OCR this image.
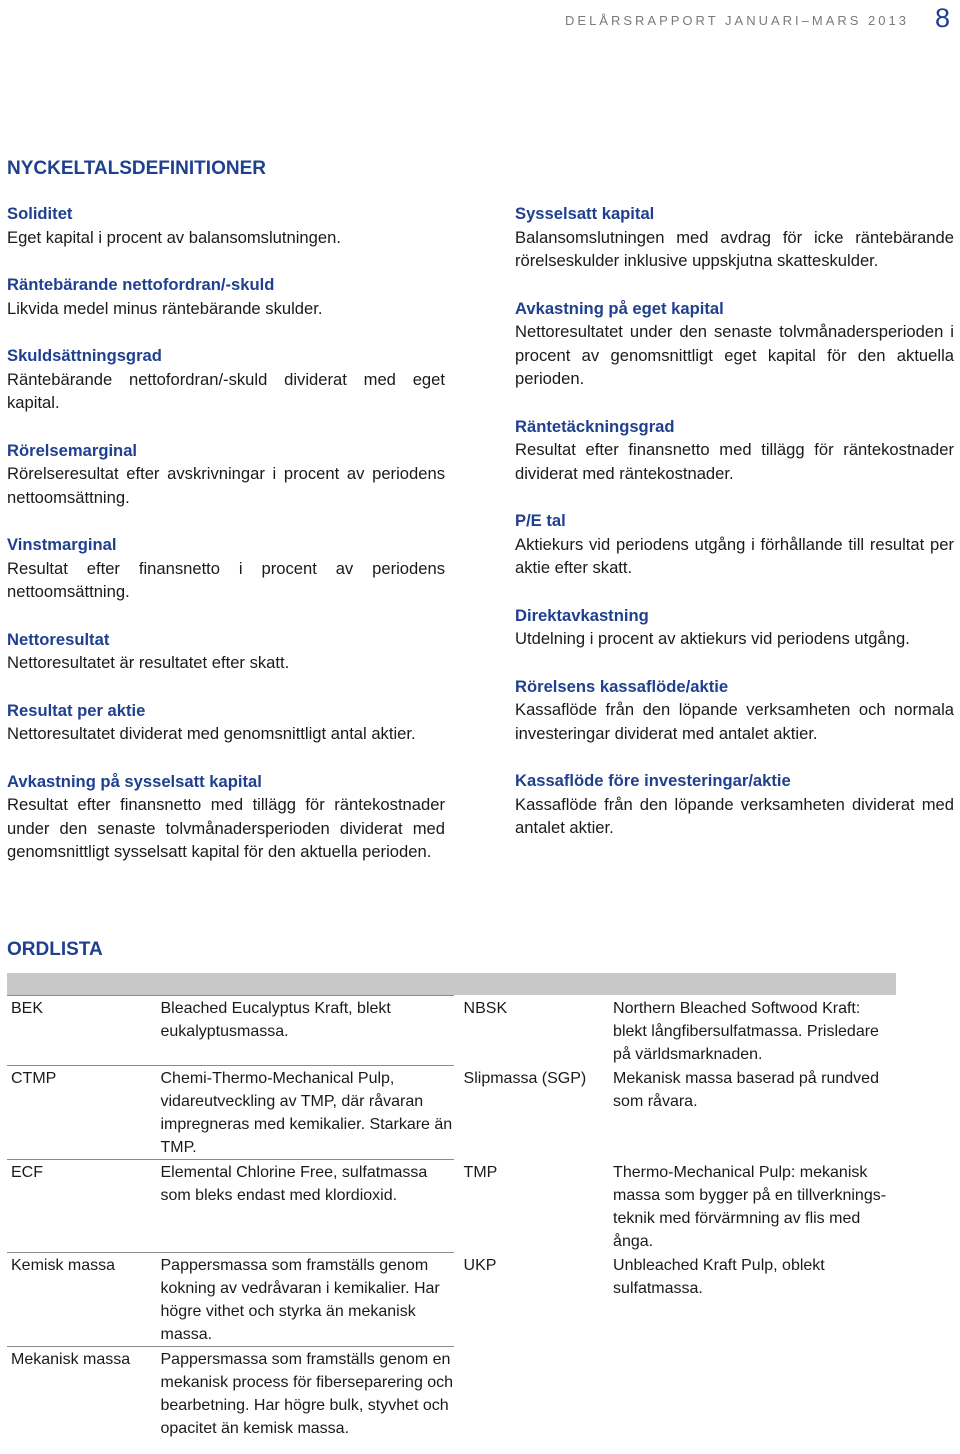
DELÅRSRAPPORT JANUARI–MARS 2013 8
NYCKELTALSDEFINITIONER
Soliditet
Eget kapital i procent av balansomslutningen.
Räntebärande nettofordran/-skuld
Likvida medel minus räntebärande skulder.
Skuldsättningsgrad
Räntebärande nettofordran/-skuld dividerat med eget kapital.
Rörelsemarginal
Rörelseresultat efter avskrivningar i procent av periodens nettoomsättning.
Vinstmarginal
Resultat efter finansnetto i procent av periodens nettoomsättning.
Nettoresultat
Nettoresultatet är resultatet efter skatt.
Resultat per aktie
Nettoresultatet dividerat med genomsnittligt antal aktier.
Avkastning på sysselsatt kapital
Resultat efter finansnetto med tillägg för räntekostnader under den senaste tolvmånadersperioden dividerat med genomsnittligt sysselsatt kapital för den aktuella perioden.
Sysselsatt kapital
Balansomslutningen med avdrag för icke räntebärande rörelseskulder inklusive uppskjutna skatteskulder.
Avkastning på eget kapital
Nettoresultatet under den senaste tolvmånadersperioden i procent av genomsnittligt eget kapital för den aktuella perioden.
Räntetäckningsgrad
Resultat efter finansnetto med tillägg för räntekostnader dividerat med räntekostnader.
P/E tal
Aktiekurs vid periodens utgång i förhållande till resultat per aktie efter skatt.
Direktavkastning
Utdelning i procent av aktiekurs vid periodens utgång.
Rörelsens kassaflöde/aktie
Kassaflöde från den löpande verksamheten och normala investeringar dividerat med antalet aktier.
Kassaflöde före investeringar/aktie
Kassaflöde från den löpande verksamheten dividerat med antalet aktier.
ORDLISTA
BEK	Bleached Eucalyptus Kraft, blekt eukalyptusmassa.		NBSK	Northern Bleached Softwood Kraft: blekt långfibersulfatmassa. Prisledare på världsmarknaden.
CTMP	Chemi-Thermo-Mechanical Pulp, vidareutveckling av TMP, där råvaran impregneras med kemikalier. Starkare än TMP.		Slipmassa (SGP)	Mekanisk massa baserad på rundved som råvara.
ECF	Elemental Chlorine Free, sulfatmassa som bleks endast med klordioxid.		TMP	Thermo-Mechanical Pulp: mekanisk massa som bygger på en tillverknings-teknik med förvärmning av flis med ånga.
Kemisk massa	Pappersmassa som framställs genom kokning av vedråvaran i kemikalier. Har högre vithet och styrka än mekanisk massa.		UKP	Unbleached Kraft Pulp, oblekt sulfatmassa.
Mekanisk massa	Pappersmassa som framställs genom en mekanisk process för fiberseparering och bearbetning. Har högre bulk, styvhet och opacitet än kemisk massa.			
